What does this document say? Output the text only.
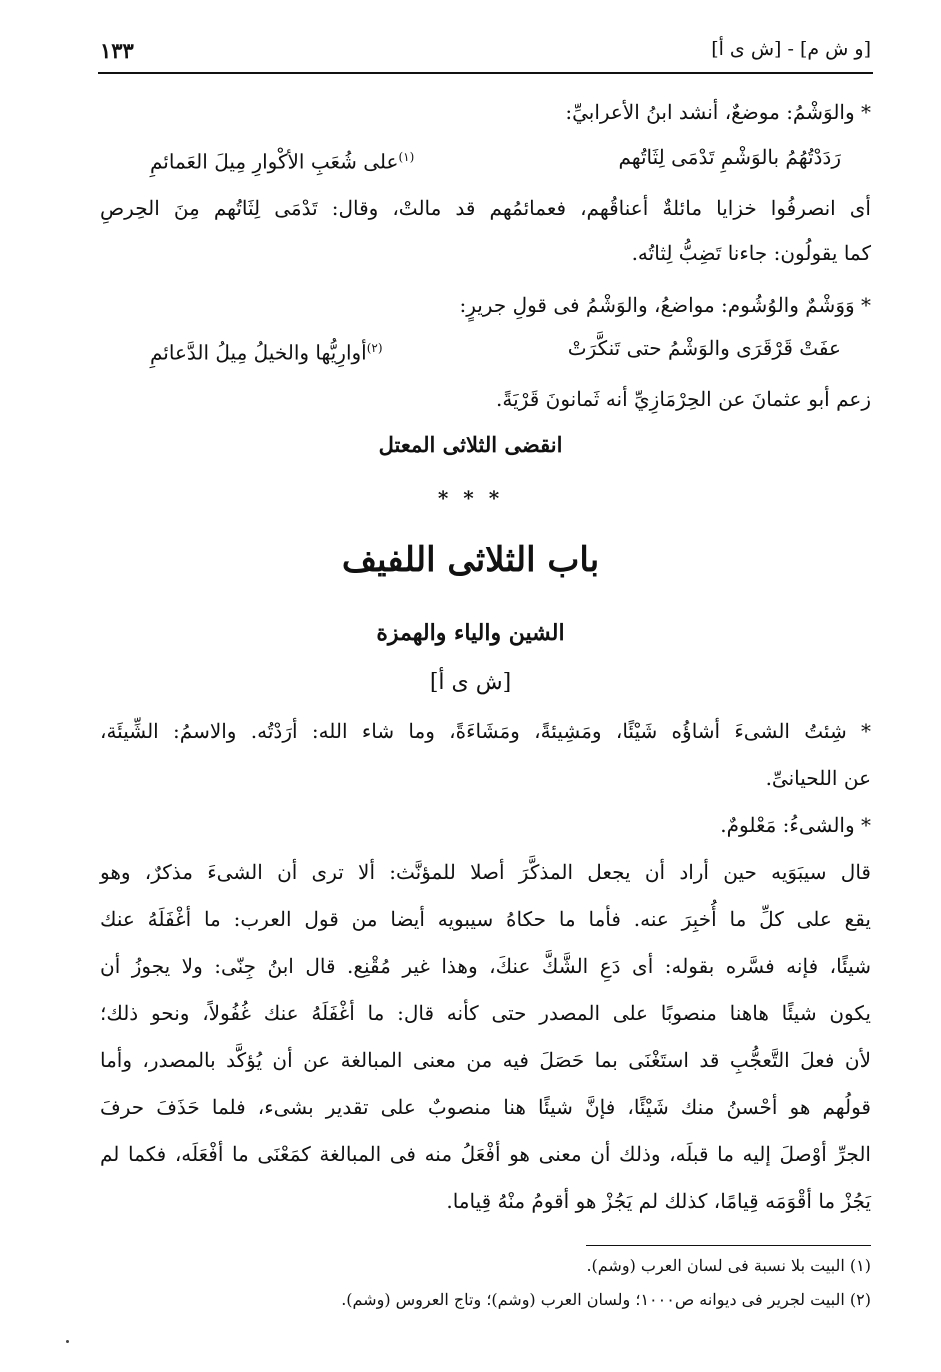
[و ش م] - [ش ى أ]
١٣٣
* والوَشْمُ: موضعٌ، أنشد ابنُ الأعرابيِّ:
رَدَدْتُهُمُ بالوَشْمِ تَدْمَى لِثَاتُهم
$^{(١)}$على شُعَبِ الأكْوارِ مِيلَ العَمائمِ
أى انصرفُوا خزايا مائلةٌ أعناقُهم، فعمائمُهم قد مالتْ، وقال: تَدْمَى لِثَاتُهم مِنَ الحِرصِ
كما يقولُون: جاءنا تَضِبُّ لِثاتُه.
* وَوَشْمٌ والوُشُوم: مواضعُ، والوَشْمُ فى قولِ جريرٍ:
عفَتْ قَرْقَرَى والوَشْمُ حتى تَنكَّرَتْ
$^{(٢)}$أوارِيُّها والخيلُ مِيلُ الدَّعائمِ
زعم أبو عثمانَ عن الحِرْمَازِيِّ أنه ثَمانونَ قَرْيَةً.
انقضى الثلاثى المعتل
* * *
باب الثلاثى اللفيف
الشين والياء والهمزة
[ش ى أ]
* شِئتُ الشىءَ أشاؤُه شَيْئًا، ومَشِيئةً، ومَشَاءَةً، وما شاء الله: أرَدْتُه. والاسمُ: الشِّيئَة،
عن اللحيانىِّ.
* والشىءُ: مَعْلومٌ.
قال سيبَوَيه حين أراد أن يجعل المذكَّرَ أصلا للمؤنَّث: ألا ترى أن الشىءَ مذكرٌ، وهو
يقع على كلِّ ما أُخبِرَ عنه. فأما ما حكاهُ سيبويه أيضا من قول العرب: ما أغْفَلَهُ عنك
شيئًا، فإنه فسَّره بقوله: أى دَعِ الشَّكَّ عنكَ، وهذا غير مُقْنِع. قال ابنُ جِنّى: ولا يجوزُ أن
يكون شيئًا هاهنا منصوبًا على المصدر حتى كأنه قال: ما أغْفَلَهُ عنك غُفُولاً، ونحو ذلك؛
لأن فعلَ التَّعجُّبِ قد استَغْنَى بما حَصَلَ فيه من معنى المبالغة عن أن يُؤكَّد بالمصدر، وأما
قولُهم هو أحْسنُ منك شَيْئًا، فإنَّ شيئًا هنا منصوبٌ على تقدير بشىء، فلما حَذَفَ حرفَ
الجرِّ أوْصلَ إليه ما قبلَه، وذلك أن معنى هو أفْعَلُ منه فى المبالغة كمَعْنَى ما أفْعَلَه، فكما لم
يَجُزْ ما أقْوَمَه قِيامًا، كذلك لم يَجُزْ هو أقومُ منْهُ قِياما.
(١) البيت بلا نسبة فى لسان العرب (وشم).
(٢) البيت لجرير فى ديوانه ص١٠٠٠؛ ولسان العرب (وشم)؛ وتاج العروس (وشم).
